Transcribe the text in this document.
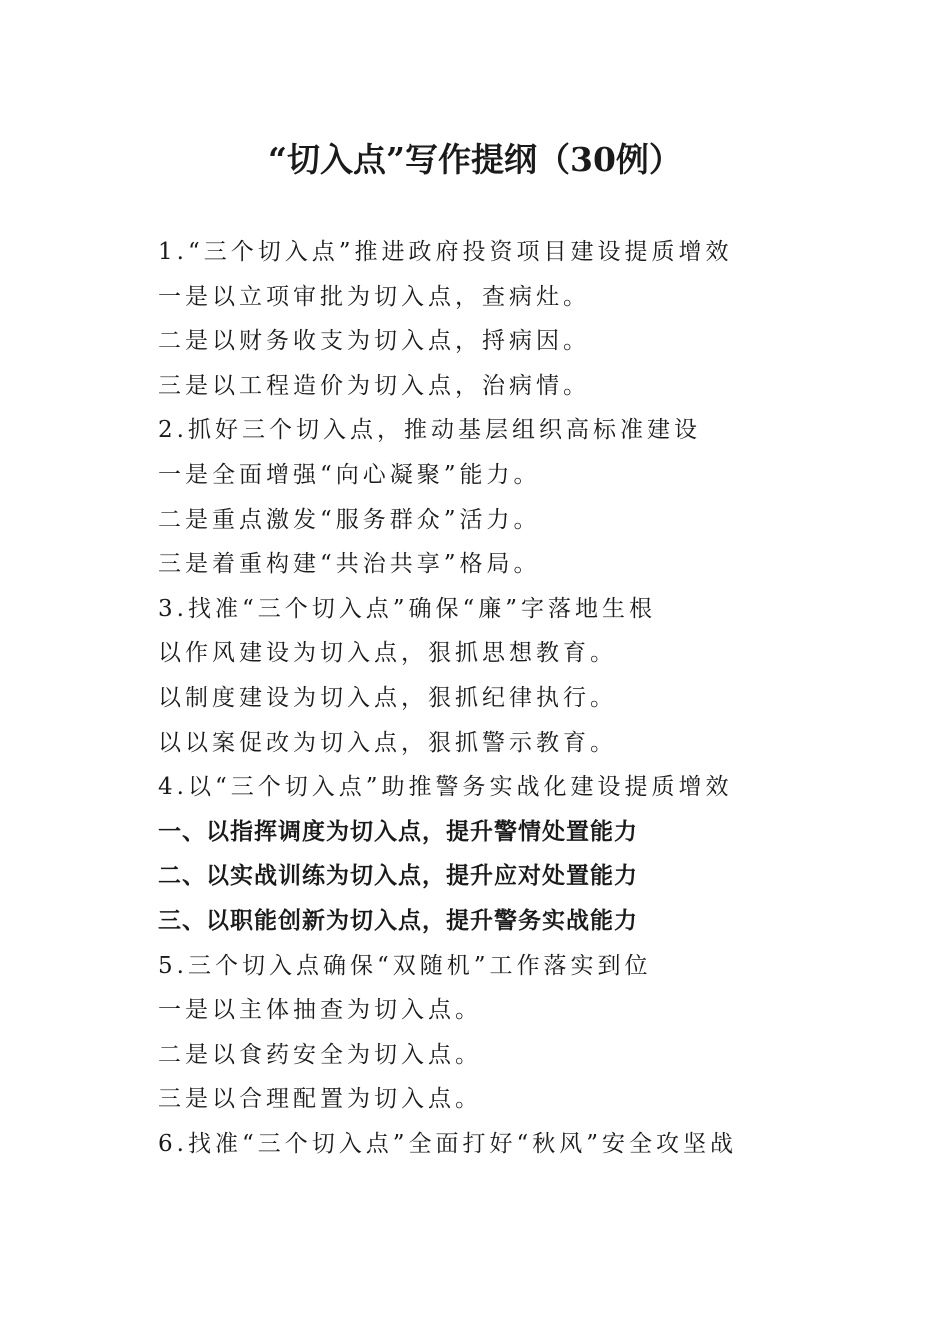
“切入点”写作提纲（30例）
1.“三个切入点”推进政府投资项目建设提质增效
一是以立项审批为切入点，查病灶。
二是以财务收支为切入点，捋病因。
三是以工程造价为切入点，治病情。
2.抓好三个切入点，推动基层组织高标准建设
一是全面增强“向心凝聚”能力。
二是重点激发“服务群众”活力。
三是着重构建“共治共享”格局。
3.找准“三个切入点”确保“廉”字落地生根
以作风建设为切入点，狠抓思想教育。
以制度建设为切入点，狠抓纪律执行。
以以案促改为切入点，狠抓警示教育。
4.以“三个切入点”助推警务实战化建设提质增效
一、以指挥调度为切入点，提升警情处置能力
二、以实战训练为切入点，提升应对处置能力
三、以职能创新为切入点，提升警务实战能力
5.三个切入点确保“双随机”工作落实到位
一是以主体抽查为切入点。
二是以食药安全为切入点。
三是以合理配置为切入点。
6.找准“三个切入点”全面打好“秋风”安全攻坚战
